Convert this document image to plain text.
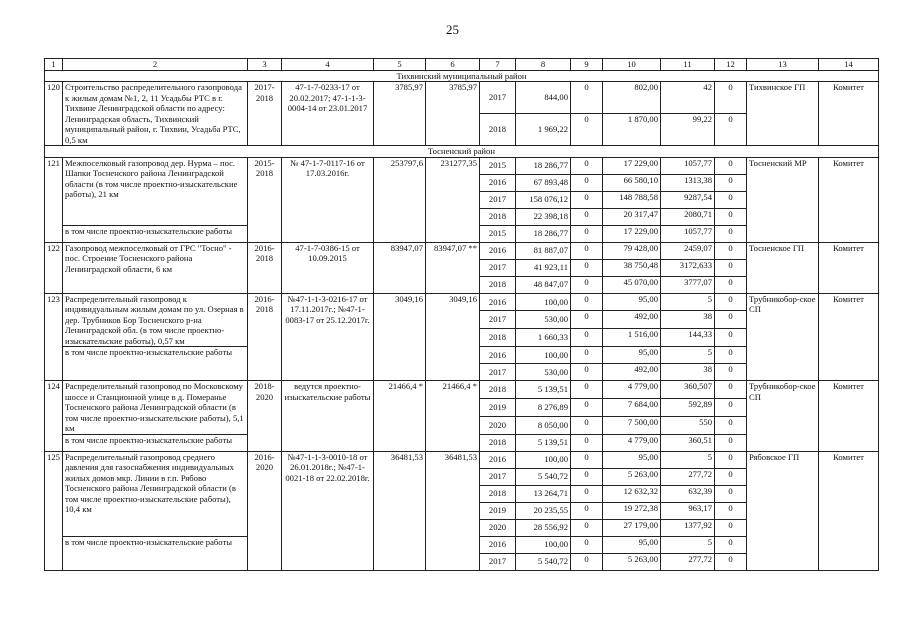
25
1	2	3	4	5	6	7	8	9	10	11	12	13	14
Тихвинский муниципальный район													
120	Строительство распределительного газопровода к жилым домам №1, 2, 11 Усадьбы РТС в г. Тихвине Ленинградской области по адресу: Ленинградская область, Тихвинский муниципальный район, г. Тихвин, Усадьба РТС, 0,5 км	2017-2018	47-1-7-0233-17 от 20.02.2017; 47-1-1-3-0004-14 от 23.01.2017	3785,97	3785,97	2017	844,00	0	802,00	42	0	Тихвинское ГП	Комитет
						2018	1 969,22	0	1 870,00	99,22	0		
Тосненский район													
121	Межпоселковый газопровод дер. Нурма – пос. Шапки Тосненского района Ленинградской области (в том числе проектно-изыскательские работы), 21 км	2015-2018	№ 47-1-7-0117-16 от 17.03.2016г.	253797,6	231277,35	2015	18 286,77	0	17 229,00	1057,77	0	Тосненский МР	Комитет
						2016	67 893,48	0	66 580,10	1313,38	0		
						2017	158 076,12	0	148 788,58	9287,54	0		
						2018	22 398,18	0	20 317,47	2080,71	0		
	в том числе проектно-изыскательские работы					2015	18 286,77	0	17 229,00	1057,77	0		
122	Газопровод межпоселковый от ГРС "Тосно" - пос. Строение Тосненского района Ленинградской области, 6 км	2016-2018	47-1-7-0386-15 от 10.09.2015	83947,07	83947,07 **	2016	81 887,07	0	79 428,00	2459,07	0	Тосненское ГП	Комитет
						2017	41 923,11	0	38 750,48	3172,633	0		
						2018	48 847,07	0	45 070,00	3777,07	0		
123	Распределительный газопровод к индивидуальным жилым домам по ул. Озерная в дер. Трубников Бор Тосненского р-на Ленинградской обл. (в том числе проектно-изыскательские работы), 0,57 км	2016-2018	№47-1-1-3-0216-17 от 17.11.2017г.; №47-1-0083-17 от 25.12.2017г.	3049,16	3049,16	2016	100,00	0	95,00	5	0	Трубникобор-ское СП	Комитет
						2017	530,00	0	492,00	38	0		
						2018	1 660,33	0	1 516,00	144,33	0		
	в том числе проектно-изыскательские работы					2016	100,00	0	95,00	5	0		
						2017	530,00	0	492,00	38	0		
124	Распределительный газопровод по Московскому шоссе и Станционной улице в д. Померанье Тосненского района Ленинградской области (в том числе проектно-изыскательские работы), 5,1 км	2018-2020	ведутся проектно-изыскательские работы	21466,4 *	21466,4 *	2018	5 139,51	0	4 779,00	360,507	0	Трубникобор-ское СП	Комитет
						2019	8 276,89	0	7 684,00	592,89	0		
						2020	8 050,00	0	7 500,00	550	0		
	в том числе проектно-изыскательские работы					2018	5 139,51	0	4 779,00	360,51	0		
125	Распределительный газопровод среднего давления для газоснабжения индивидуальных жилых домов мкр. Линии в г.п. Рябово Тосненского района Ленинградской области (в том числе проектно-изыскательские работы), 10,4 км	2016-2020	№47-1-1-3-0010-18 от 26.01.2018г.; №47-1-0021-18 от 22.02.2018г.	36481,53	36481,53	2016	100,00	0	95,00	5	0	Рябовское ГП	Комитет
						2017	5 540,72	0	5 263,00	277,72	0		
						2018	13 264,71	0	12 632,32	632,39	0		
						2019	20 235,55	0	19 272,38	963,17	0		
						2020	28 556,92	0	27 179,00	1377,92	0		
	в том числе проектно-изыскательские работы					2016	100,00	0	95,00	5	0		
						2017	5 540,72	0	5 263,00	277,72	0		
